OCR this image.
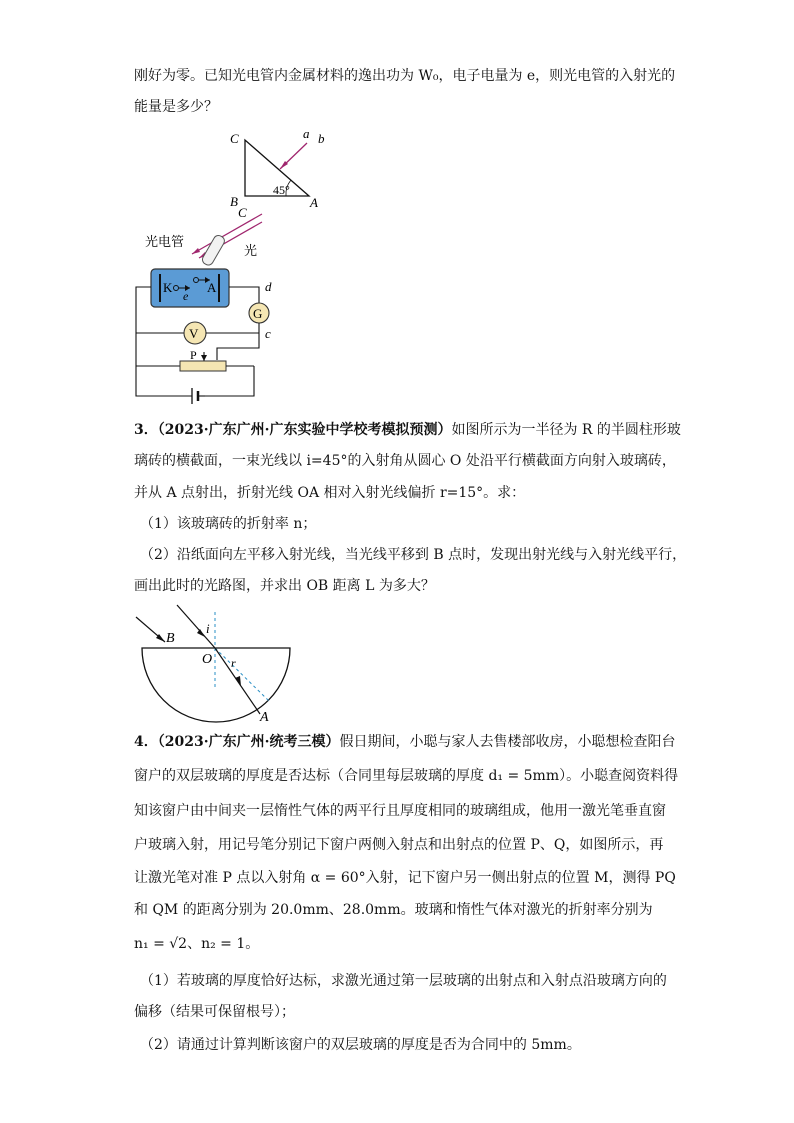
刚好为零。已知光电管内金属材料的逸出功为 W₀，电子电量为 e，则光电管的入射光的
能量是多少？
C
B	A
45°
a b
C
光
光电管
K	A
e
G
d
V	c
P
3．（2023·广东广州·广东实验中学校考模拟预测）如图所示为一半径为 R 的半圆柱形玻
璃砖的横截面，一束光线以 i=45°的入射角从圆心 O 处沿平行横截面方向射入玻璃砖，
并从 A 点射出，折射光线 OA 相对入射光线偏折 r=15°。求：
（1）该玻璃砖的折射率 n；
（2）沿纸面向左平移入射光线，当光线平移到 B 点时，发现出射光线与入射光线平行，
画出此时的光路图，并求出 OB 距离 L 为多大？
B
i
O r
A
4．（2023·广东广州·统考三模）假日期间，小聪与家人去售楼部收房，小聪想检查阳台
窗户的双层玻璃的厚度是否达标（合同里每层玻璃的厚度 d₁ = 5mm）。小聪查阅资料得
知该窗户由中间夹一层惰性气体的两平行且厚度相同的玻璃组成，他用一激光笔垂直窗
户玻璃入射，用记号笔分别记下窗户两侧入射点和出射点的位置 P、Q，如图所示，再
让激光笔对准 P 点以入射角 α = 60°入射，记下窗户另一侧出射点的位置 M，测得 PQ
和 QM 的距离分别为 20.0mm、28.0mm。玻璃和惰性气体对激光的折射率分别为
n₁ = √2、n₂ = 1。
（1）若玻璃的厚度恰好达标，求激光通过第一层玻璃的出射点和入射点沿玻璃方向的
偏移（结果可保留根号）；
（2）请通过计算判断该窗户的双层玻璃的厚度是否为合同中的 5mm。
